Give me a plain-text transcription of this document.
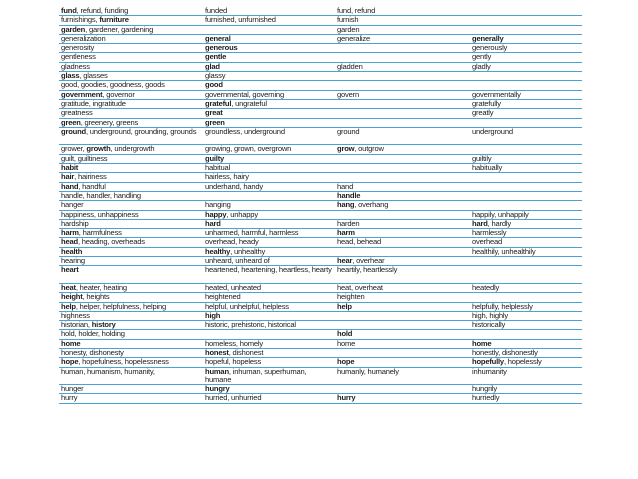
fund, refund, funding	funded	fund, refund	

furnishings, furniture	furnished, unfurnished	furnish	

garden, gardener, gardening		garden	

generalization	general	generalize	generally

generosity	generous		generously

gentleness	gentle		gently

gladness	glad	gladden	gladly

glass, glasses	glassy		

good, goodies, goodness, goods	good		

government, governor	governmental, governing	govern	governmentally

gratitude, ingratitude	grateful, ungrateful		gratefully

greatness	great		greatly

green, greenery, greens	green		

ground, underground, grounding, grounds	groundless, underground	ground	underground

grower, growth, undergrowth	growing, grown, overgrown	grow, outgrow	

guilt, guiltiness	guilty		guiltily

habit	habitual		habitually

hair, hairiness	hairless, hairy		

hand, handful	underhand, handy	hand	

handle, handler, handling		handle	

hanger	hanging	hang, overhang	

happiness, unhappiness	happy, unhappy		happily, unhappily

hardship	hard	harden	hard, hardly

harm, harmfulness	unharmed, harmful, harmless	harm	harmlessly

head, heading, overheads	overhead, heady	head, behead	overhead

health	healthy, unhealthy		healthily, unhealthily

hearing	unheard, unheard of	hear, overhear	

heart	heartened, heartening, heartless, hearty	heartily, heartlessly	

heat, heater, heating	heated, unheated	heat, overheat	heatedly

height, heights	heightened	heighten	

help, helper, helpfulness, helping	helpful, unhelpful, helpless	help	helpfully, helplessly

highness	high		high, highly

historian, history	historic, prehistoric, historical		historically

hold, holder, holding		hold	

home	homeless, homely	home	home

honesty, dishonesty	honest, dishonest		honestly, dishonestly

hope, hopefulness, hopelessness	hopeful, hopeless	hope	hopefully, hopelessly

human, humanism, humanity,	human, inhuman, superhuman, humane	humanly, humanely	inhumanity

hunger	hungry		hungrily

hurry	hurried, unhurried	hurry	hurriedly
